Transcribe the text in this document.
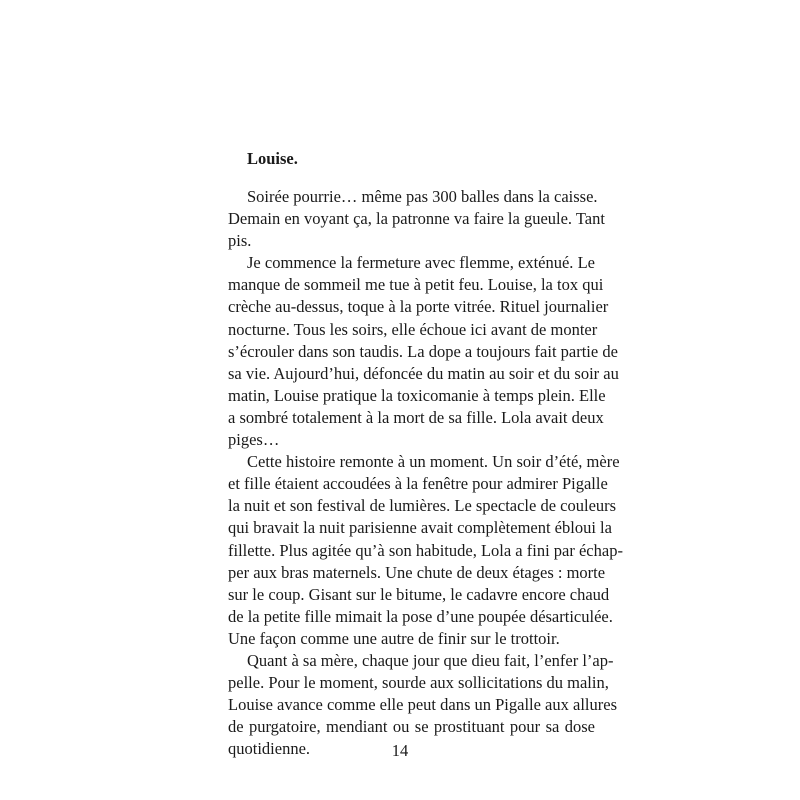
Louise.
Soirée pourrie… même pas 300 balles dans la caisse.
Demain en voyant ça, la patronne va faire la gueule. Tant
pis.
Je commence la fermeture avec flemme, exténué. Le
manque de sommeil me tue à petit feu. Louise, la tox qui
crèche au-dessus, toque à la porte vitrée. Rituel journalier
nocturne. Tous les soirs, elle échoue ici avant de monter
s’écrouler dans son taudis. La dope a toujours fait partie de
sa vie. Aujourd’hui, défoncée du matin au soir et du soir au
matin, Louise pratique la toxicomanie à temps plein. Elle
a sombré totalement à la mort de sa fille. Lola avait deux
piges…
Cette histoire remonte à un moment. Un soir d’été, mère
et fille étaient accoudées à la fenêtre pour admirer Pigalle
la nuit et son festival de lumières. Le spectacle de couleurs
qui bravait la nuit parisienne avait complètement ébloui la
fillette. Plus agitée qu’à son habitude, Lola a fini par échap-
per aux bras maternels. Une chute de deux étages : morte
sur le coup. Gisant sur le bitume, le cadavre encore chaud
de la petite fille mimait la pose d’une poupée désarticulée.
Une façon comme une autre de finir sur le trottoir.
Quant à sa mère, chaque jour que dieu fait, l’enfer l’ap-
pelle. Pour le moment, sourde aux sollicitations du malin,
Louise avance comme elle peut dans un Pigalle aux allures
de purgatoire, mendiant ou se prostituant pour sa dose
quotidienne.	14
